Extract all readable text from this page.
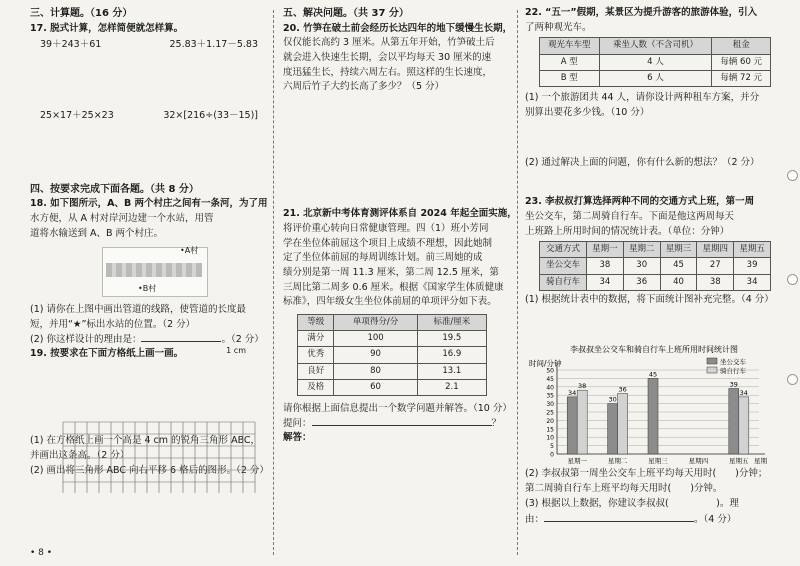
三、计算题。（16 分）
17. 脱式计算，怎样简便就怎样算。
39＋243＋61	25.83＋1.17－5.83
25×17＋25×23	32×[216÷(33－15)]
四、按要求完成下面各题。（共 8 分）
18. 如下图所示，A、B 两个村庄之间有一条河，为了用
水方便，从 A 村对岸河边建一个水站，用管
道将水输送到 A、B 两个村庄。
•A村
•B村
(1) 请你在上图中画出管道的线路，使管道的长度最
短，并用“★”标出水站的位置。（2 分）
(2) 你这样设计的理由是：	。（2 分）
19. 按要求在下面方格纸上画一画。	1 cm
(1) 在方格纸上画一个高是 4 cm 的锐角三角形 ABC，
并画出这条高。（2 分）
(2) 画出将三角形 ABC 向右平移 6 格后的图形。（2 分）
• 8 •
五、解决问题。（共 37 分）
20. 竹笋在破土前会经历长达四年的地下缓慢生长期，
仅仅能长高约 3 厘米。从第五年开始，竹笋破土后
就会进入快速生长期，会以平均每天 30 厘米的速
度迅猛生长，持续六周左右。照这样的生长速度，
六周后竹子大约长高了多少？（5 分）
21. 北京新中考体育测评体系自 2024 年起全面实施，
将评价重心转向日常健康管理。四（1）班小芳同
学在坐位体前屈这个项目上成绩不理想，因此她制
定了坐位体前屈的每周训练计划。前三周她的成
绩分别是第一周 11.3 厘米，第二周 12.5 厘米，第
三周比第二周多 0.6 厘米。根据《国家学生体质健康
标准》，四年级女生坐位体前屈的单项评分如下表。
等级	单项得分/分	标准/厘米
满分	100	19.5
优秀	90	16.9
良好	80	13.1
及格	60	2.1
请你根据上面信息提出一个数学问题并解答。（10 分）
提问：	？
解答：
22. “五一”假期，某景区为提升游客的旅游体验，引入
了两种观光车。
观光车车型	乘坐人数（不含司机）	租金
A 型	4 人	每辆 60 元
B 型	6 人	每辆 72 元
(1) 一个旅游团共 44 人，请你设计两种租车方案，并分
别算出要花多少钱。（10 分）
(2) 通过解决上面的问题，你有什么新的想法？（2 分）
23. 李叔叔打算选择两种不同的交通方式上班，第一周
坐公交车，第二周骑自行车。下面是他这两周每天
上班路上所用时间的情况统计表。（单位：分钟）
交通方式	星期一	星期二	星期三	星期四	星期五
坐公交车	38	30	45	27	39
骑自行车	34	36	40	38	34
(1) 根据统计表中的数据，将下面统计图补充完整。（4 分）
李叔叔坐公交车和骑自行车上班所用时间统计图
时间/分钟
0
5
10
15
20
25
30
35
40
45
50
星期一
34
38
星期二
30
36
星期三
45
星期四	星期五
39
34
星期
坐公交车
骑自行车
(2) 李叔叔第一周坐公交车上班平均每天用时(　　)分钟；
第二周骑自行车上班平均每天用时(　　)分钟。
(3) 根据以上数据，你建议李叔叔(　　　　　)。理
由：	。（4 分）
